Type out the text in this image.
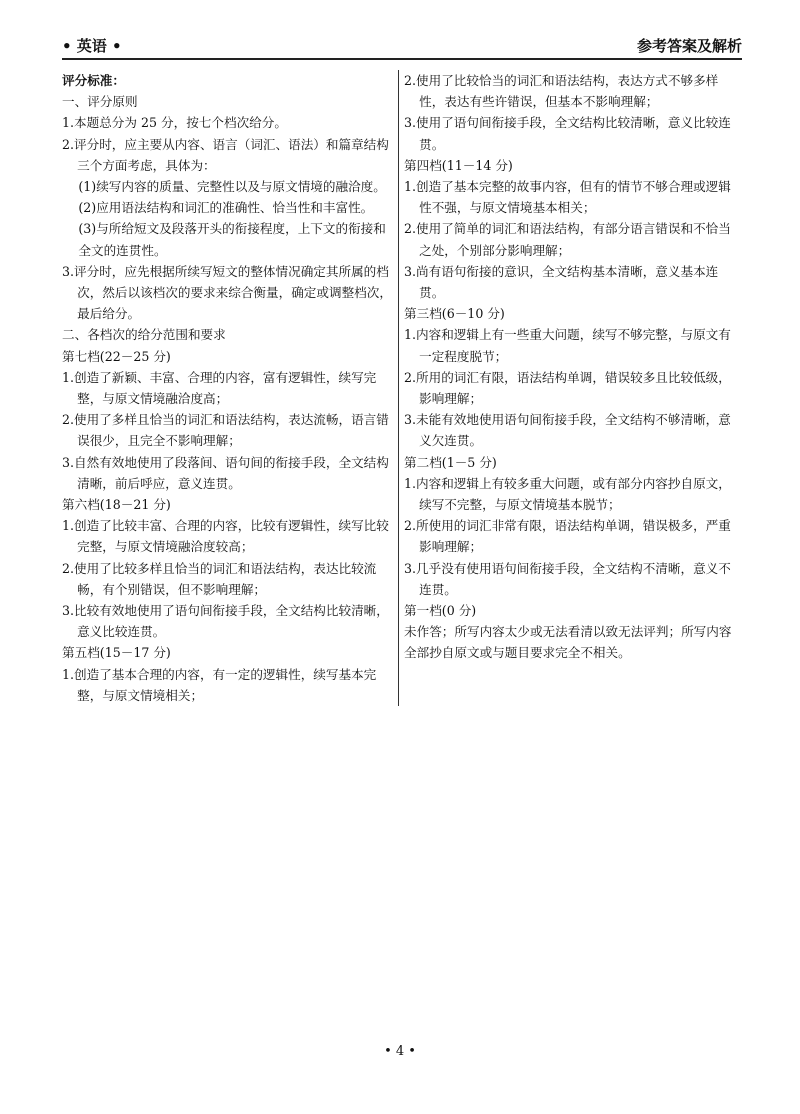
• 英语 •	参考答案及解析

评分标准：

一、评分原则

1.本题总分为 25 分，按七个档次给分。

2.评分时，应主要从内容、语言（词汇、语法）和篇章结构三个方面考虑，具体为：

(1)续写内容的质量、完整性以及与原文情境的融洽度。

(2)应用语法结构和词汇的准确性、恰当性和丰富性。

(3)与所给短文及段落开头的衔接程度，上下文的衔接和全文的连贯性。

3.评分时，应先根据所续写短文的整体情况确定其所属的档次，然后以该档次的要求来综合衡量，确定或调整档次，最后给分。

二、各档次的给分范围和要求

第七档(22－25 分)

1.创造了新颖、丰富、合理的内容，富有逻辑性，续写完整，与原文情境融洽度高；

2.使用了多样且恰当的词汇和语法结构，表达流畅，语言错误很少，且完全不影响理解；

3.自然有效地使用了段落间、语句间的衔接手段，全文结构清晰，前后呼应，意义连贯。

第六档(18－21 分)

1.创造了比较丰富、合理的内容，比较有逻辑性，续写比较完整，与原文情境融洽度较高；

2.使用了比较多样且恰当的词汇和语法结构，表达比较流畅，有个别错误，但不影响理解；

3.比较有效地使用了语句间衔接手段，全文结构比较清晰，意义比较连贯。

第五档(15－17 分)

1.创造了基本合理的内容，有一定的逻辑性，续写基本完整，与原文情境相关；

2.使用了比较恰当的词汇和语法结构，表达方式不够多样性，表达有些许错误，但基本不影响理解；

3.使用了语句间衔接手段，全文结构比较清晰，意义比较连贯。

第四档(11－14 分)

1.创造了基本完整的故事内容，但有的情节不够合理或逻辑性不强，与原文情境基本相关；

2.使用了简单的词汇和语法结构，有部分语言错误和不恰当之处，个别部分影响理解；

3.尚有语句衔接的意识，全文结构基本清晰，意义基本连贯。

第三档(6－10 分)

1.内容和逻辑上有一些重大问题，续写不够完整，与原文有一定程度脱节；

2.所用的词汇有限，语法结构单调，错误较多且比较低级，影响理解；

3.未能有效地使用语句间衔接手段，全文结构不够清晰，意义欠连贯。

第二档(1－5 分)

1.内容和逻辑上有较多重大问题，或有部分内容抄自原文，续写不完整，与原文情境基本脱节；

2.所使用的词汇非常有限，语法结构单调，错误极多，严重影响理解；

3.几乎没有使用语句间衔接手段，全文结构不清晰，意义不连贯。

第一档(0 分)

未作答；所写内容太少或无法看清以致无法评判；所写内容全部抄自原文或与题目要求完全不相关。

• 4 •
